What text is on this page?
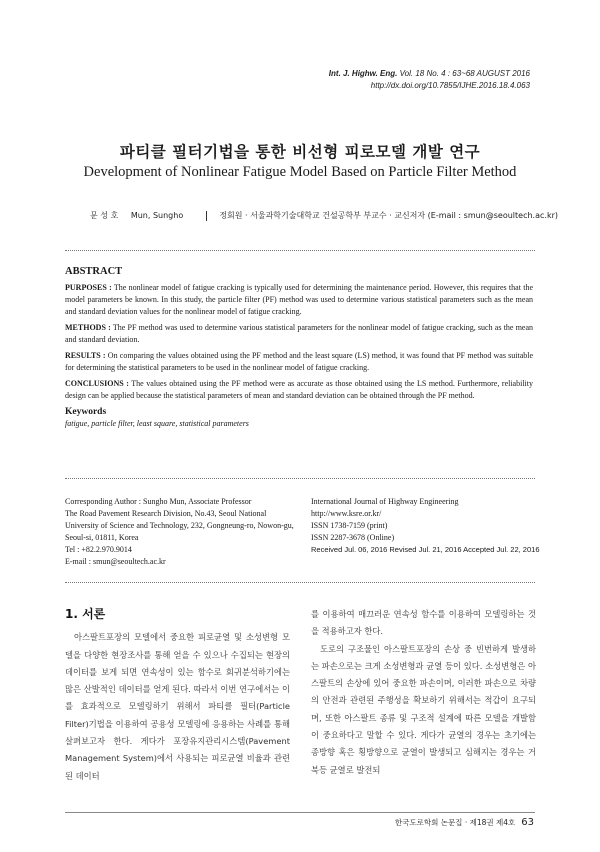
Int. J. Highw. Eng. Vol. 18 No. 4 : 63~68 AUGUST 2016
http://dx.doi.org/10.7855/IJHE.2016.18.4.063
파티클 필터기법을 통한 비선형 피로모델 개발 연구
Development of Nonlinear Fatigue Model Based on Particle Filter Method
문 성 호 Mun, Sungho	정회원 · 서울과학기술대학교 건설공학부 부교수 · 교신저자 (E-mail : smun@seoultech.ac.kr)
ABSTRACT

PURPOSES : The nonlinear model of fatigue cracking is typically used for determining the maintenance period. However, this requires that the model parameters be known. In this study, the particle filter (PF) method was used to determine various statistical parameters such as the mean and standard deviation values for the nonlinear model of fatigue cracking.

METHODS : The PF method was used to determine various statistical parameters for the nonlinear model of fatigue cracking, such as the mean and standard deviation.

RESULTS : On comparing the values obtained using the PF method and the least square (LS) method, it was found that PF method was suitable for determining the statistical parameters to be used in the nonlinear model of fatigue cracking.

CONCLUSIONS : The values obtained using the PF method were as accurate as those obtained using the LS method. Furthermore, reliability design can be applied because the statistical parameters of mean and standard deviation can be obtained through the PF method.

Keywords
fatigue, particle filter, least square, statistical parameters
Corresponding Author : Sungho Mun, Associate Professor
The Road Pavement Research Division, No.43, Seoul National
University of Science and Technology, 232, Gongneung-ro, Nowon-gu,
Seoul-si, 01811, Korea
Tel : +82.2.970.9014
E-mail : smun@seoultech.ac.kr
International Journal of Highway Engineering
http://www.ksre.or.kr/
ISSN 1738-7159 (print)
ISSN 2287-3678 (Online)
Received Jul. 06, 2016 Revised Jul. 21, 2016 Accepted Jul. 22, 2016
1. 서론

아스팔트포장의 모델에서 중요한 피로균열 및 소성변형 모델을 다양한 현장조사를 통해 얻을 수 있으나 수집되는 현장의 데이터를 보게 되면 연속성이 있는 함수로 회귀분석하기에는 많은 산발적인 데이터를 얻게 된다. 따라서 이번 연구에서는 이를 효과적으로 모델링하기 위해서 파티클 필터(Particle Filter)기법을 이용하여 공용성 모델링에 응용하는 사례를 통해 살펴보고자 한다. 게다가 포장유지관리시스템(Pavement Management System)에서 사용되는 피로균열 비율과 관련된 데이터

를 이용하여 매끄러운 연속성 함수를 이용하여 모델링하는 것을 적용하고자 한다.

도로의 구조물인 아스팔트포장의 손상 중 빈번하게 발생하는 파손으로는 크게 소성변형과 균열 등이 있다. 소성변형은 아스팔트의 손상에 있어 중요한 파손이며, 이러한 파손으로 차량의 안전과 관련된 주행성을 확보하기 위해서는 적갑이 요구되며, 또한 아스팔트 종류 및 구조적 설계에 따른 모델을 개발함이 중요하다고 말할 수 있다. 게다가 균열의 경우는 초기에는 종방향 혹은 횡방향으로 균열이 발생되고 심해지는 경우는 거북등 균열로 발전되

한국도로학회 논문집 · 제18권 제4호 63
